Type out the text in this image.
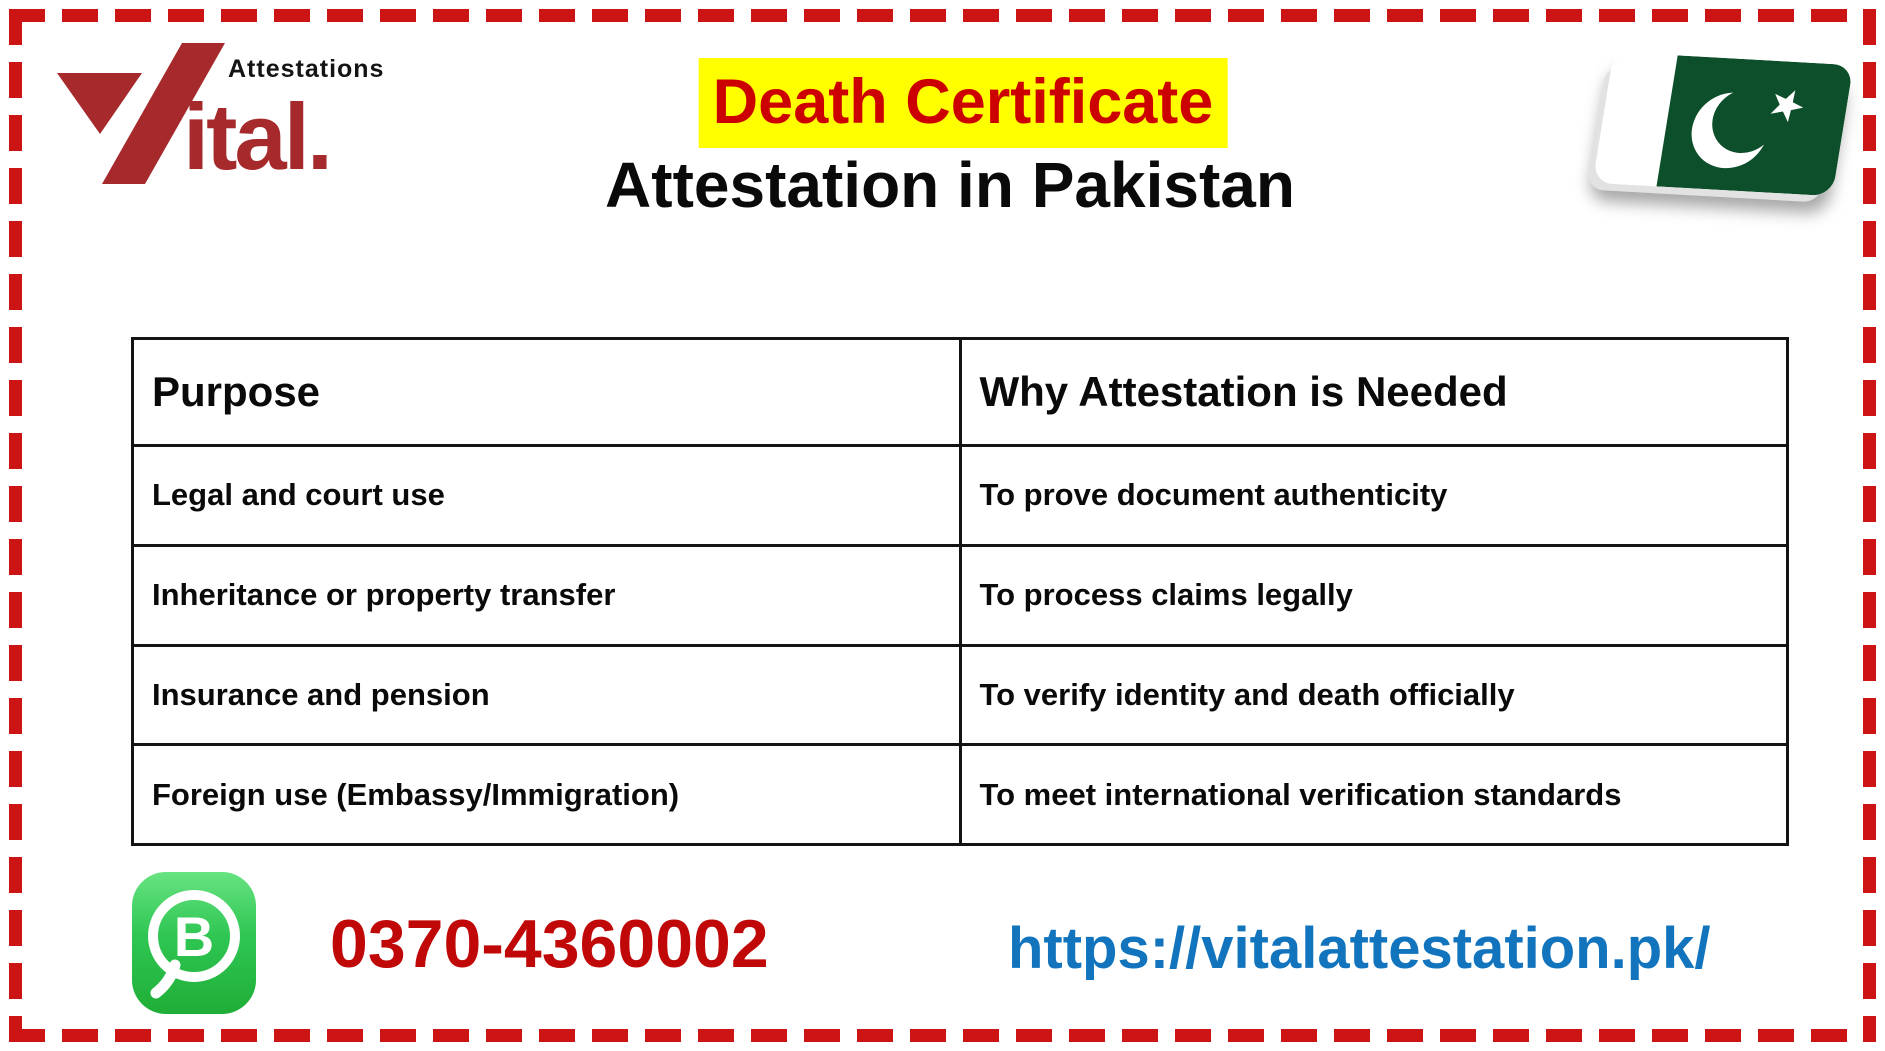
Attestations
ital.	Death Certificate
Attestation in Pakistan
Purpose	Why Attestation is Needed
Legal and court use	To prove document authenticity
Inheritance or property transfer	To process claims legally
Insurance and pension	To verify identity and death officially
Foreign use (Embassy/Immigration)	To meet international verification standards
B	0370-4360002	https://vitalattestation.pk/
